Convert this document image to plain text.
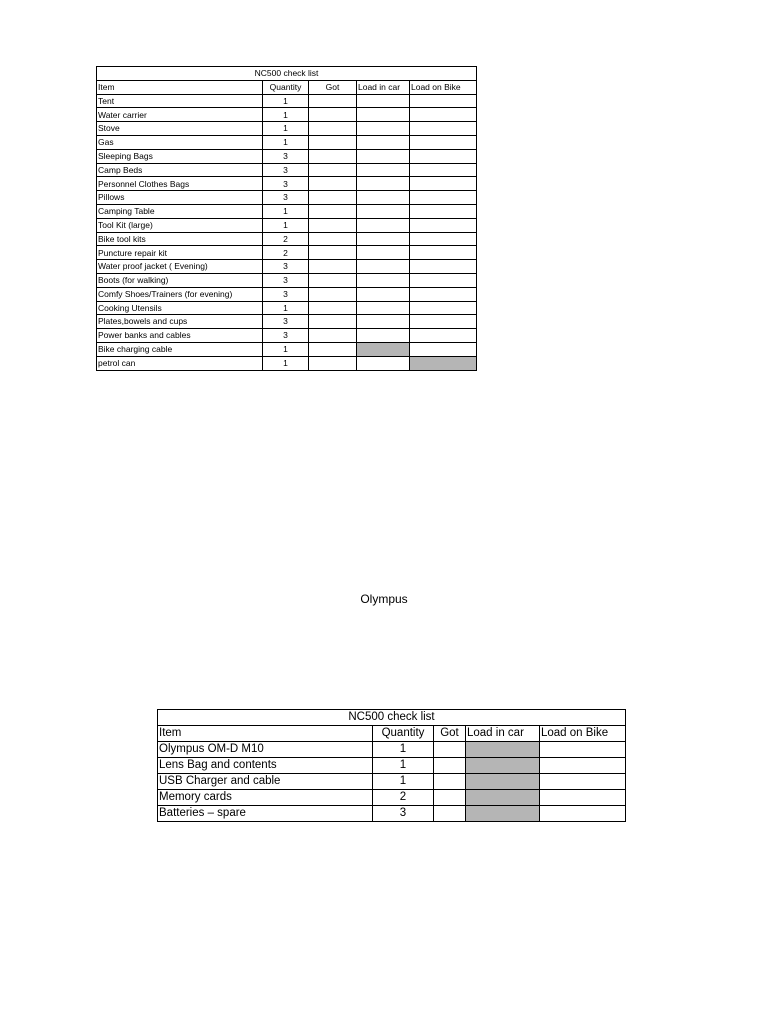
NC500 check list				
Item	Quantity	Got	Load in car	Load on Bike
Tent	1			
Water carrier	1			
Stove	1			
Gas	1			
Sleeping Bags	3			
Camp Beds	3			
Personnel Clothes Bags	3			
Pillows	3			
Camping Table	1			
Tool Kit (large)	1			
Bike tool kits	2			
Puncture repair kit	2			
Water proof jacket ( Evening)	3			
Boots (for walking)	3			
Comfy Shoes/Trainers (for evening)	3			
Cooking Utensils	1			
Plates,bowels and cups	3			
Power banks and cables	3			
Bike charging cable	1			
petrol can	1			
Olympus
NC500 check list				
Item	Quantity	Got	Load in car	Load on Bike
Olympus OM-D M10	1			
Lens Bag and contents	1			
USB Charger and cable	1			
Memory cards	2			
Batteries – spare	3			
